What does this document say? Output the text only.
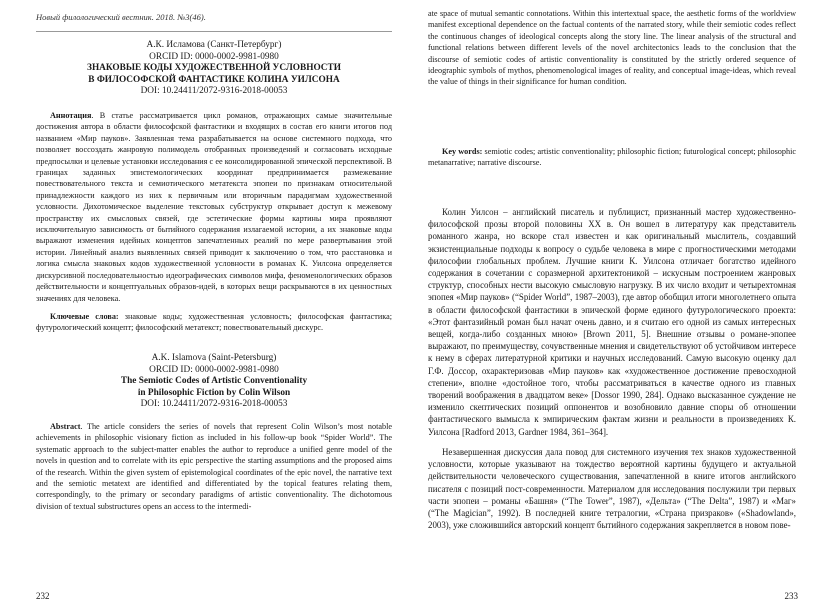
Новый филологический вестник. 2018. №3(46).
А.К. Исламова (Санкт-Петербург)
ORCID ID: 0000-0002-9981-0980
ЗНАКОВЫЕ КОДЫ ХУДОЖЕСТВЕННОЙ УСЛОВНОСТИ
В ФИЛОСОФСКОЙ ФАНТАСТИКЕ КОЛИНА УИЛСОНА
DOI: 10.24411/2072-9316-2018-00053
Аннотация. В статье рассматривается цикл романов, отражающих самые значительные достижения автора в области философской фантастики и входящих в состав его книги итогов под названием «Мир пауков». Заявленная тема разрабатывается на основе системного подхода, что позволяет воссоздать жанровую полимодель отобранных произведений и согласовать исходные предпосылки и целевые установки исследования с ее консолидированной эпической перспективой. В границах заданных эпистемологических координат предпринимается размежевание повествовательного текста и семиотического метатекста эпопеи по признакам относительной принадлежности каждого из них к первичным или вторичным парадигмам художественной условности. Дихотомическое выделение текстовых субструктур открывает доступ к межевому пространству их смысловых связей, где эстетические формы картины мира проявляют исключительную зависимость от бытийного содержания излагаемой истории, а их знаковые коды выражают изменения идейных концептов запечатленных реалий по мере развертывания этой истории. Линейный анализ выявленных связей приводит к заключению о том, что расстановка и логика смысла знаковых кодов художественной условности в романах К. Уилсона определяется дискурсивной последовательностью идеографических символов мифа, феноменологических образов действительности и концептуальных образов-идей, в которых вещи раскрываются в их ценностных значениях для человека.
Ключевые слова: знаковые коды; художественная условность; философская фантастика; футурологический концепт; философский метатекст; повествовательный дискурс.
A.K. Islamova (Saint-Petersburg)
ORCID ID: 0000-0002-9981-0980
The Semiotic Codes of Artistic Conventionality
in Philosophic Fiction by Colin Wilson
DOI: 10.24411/2072-9316-2018-00053
Abstract. The article considers the series of novels that represent Colin Wilson’s most notable achievements in philosophic visionary fiction as included in his follow-up book “Spider World”. The systematic approach to the subject-matter enables the author to reproduce a unified genre model of the novels in question and to correlate with its epic perspective the starting assumptions and the proposed aims of the research. Within the given system of epistemological coordinates of the epic novel, the narrative text and the semiotic metatext are identified and differentiated by the topical features relating them, correspondingly, to the primary or secondary paradigms of artistic conventionality. The dichotomous division of textual substructures opens an access to the intermedi-
232
ate space of mutual semantic connotations. Within this intertextual space, the aesthetic forms of the worldview manifest exceptional dependence on the factual contents of the narrated story, while their semiotic codes reflect the continuous changes of ideological concepts along the story line. The linear analysis of the structural and functional relations between different levels of the novel architectonics leads to the conclusion that the discourse of semiotic codes of artistic conventionality is constituted by the strictly ordered sequence of ideographic symbols of mythos, phenomenological images of reality, and conceptual image-ideas, which reveal the value of things in their significance for human condition.
Key words: semiotic codes; artistic conventionality; philosophic fiction; futurological concept; philosophic metanarrative; narrative discourse.
Колин Уилсон – английский писатель и публицист, признанный мастер художественно-философской прозы второй половины XX в. Он вошел в литературу как представитель романного жанра, но вскоре стал известен и как оригинальный мыслитель, создавший экзистенциальные подходы к вопросу о судьбе человека в мире с прогностическими методами философии глобальных проблем. Лучшие книги К. Уилсона отличает богатство идейного содержания в сочетании с соразмерной архитектоникой – искусным построением жанровых структур, способных нести высокую смысловую нагрузку. В их число входит и четырехтомная эпопея «Мир пауков» (“Spider World”, 1987–2003), где автор обобщил итоги многолетнего опыта в области философской фантастики в эпической форме единого футурологического проекта: «Этот фантазийный роман был начат очень давно, и я считаю его одной из самых интересных вещей, когда-либо созданных мною» [Brown 2011, 5]. Внешние отзывы о романе-эпопее выражают, по преимуществу, сочувственные мнения и свидетельствуют об устойчивом интересе к нему в сферах литературной критики и научных исследований. Самую высокую оценку дал Г.Ф. Доссор, охарактеризовав «Мир пауков» как «художественное достижение превосходной степени», вполне «достойное того, чтобы рассматриваться в качестве одного из главных творений воображения в двадцатом веке» [Dossor 1990, 284]. Однако высказанное суждение не изменило скептических позиций оппонентов и возобновило давние споры об отношении фантастического вымысла к эмпирическим фактам жизни и реальности в произведениях К. Уилсона [Radford 2013, Gardner 1984, 361–364].
Незавершенная дискуссия дала повод для системного изучения тех знаков художественной условности, которые указывают на тождество вероятной картины будущего и актуальной действительности человеческого существования, запечатленной в книге итогов английского писателя с позиций пост-современности. Материалом для исследования послужили три первых части эпопеи – романы «Башня» (“The Tower”, 1987), «Дельта» (“The Delta”, 1987) и «Маг» (“The Magician”, 1992). В последней книге тетралогии, «Страна призраков» («Shadowland», 2003), уже сложившийся авторский концепт бытийного содержания закрепляется в новом пове-
233
